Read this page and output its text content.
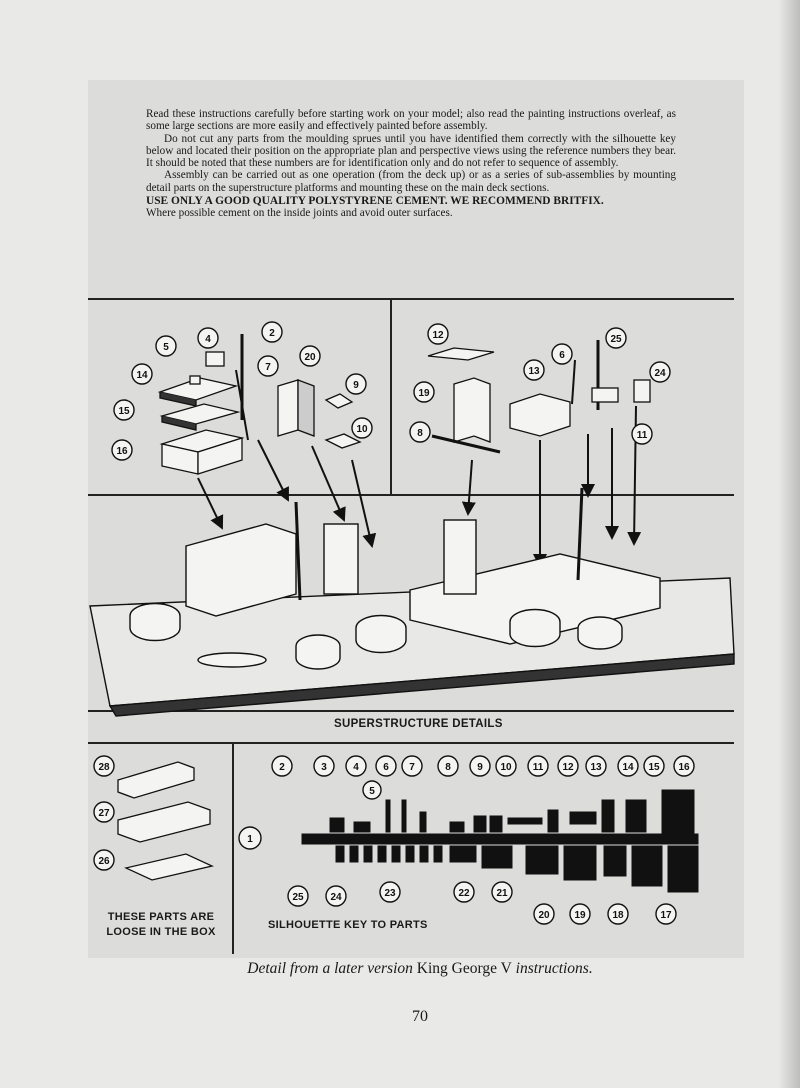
Read these instructions carefully before starting work on your model; also read the painting instructions overleaf, as some large sections are more easily and effectively painted before assembly.

Do not cut any parts from the moulding sprues until you have identified them correctly with the silhouette key below and located their position on the appropriate plan and perspective views using the reference numbers they bear. It should be noted that these numbers are for identification only and do not refer to sequence of assembly.

Assembly can be carried out as one operation (from the deck up) or as a series of sub-assemblies by mounting detail parts on the superstructure platforms and mounting these on the main deck sections.

USE ONLY A GOOD QUALITY POLYSTYRENE CEMENT. WE RECOMMEND BRITFIX.

Where possible cement on the inside joints and avoid outer surfaces.

2
4
5
7
9
10
14
15
16
20	6
8	11
12
13
19
24
25
26
27
28	2	3	4
5
6 7	8	9 10 11 12 13 14 15 16
1
17
18
19
20
21
22
23
24
25
SUPERSTRUCTURE DETAILS
THESE PARTS ARE
LOOSE IN THE BOX
SILHOUETTE KEY TO PARTS
Detail from a later version King George V instructions.
70
